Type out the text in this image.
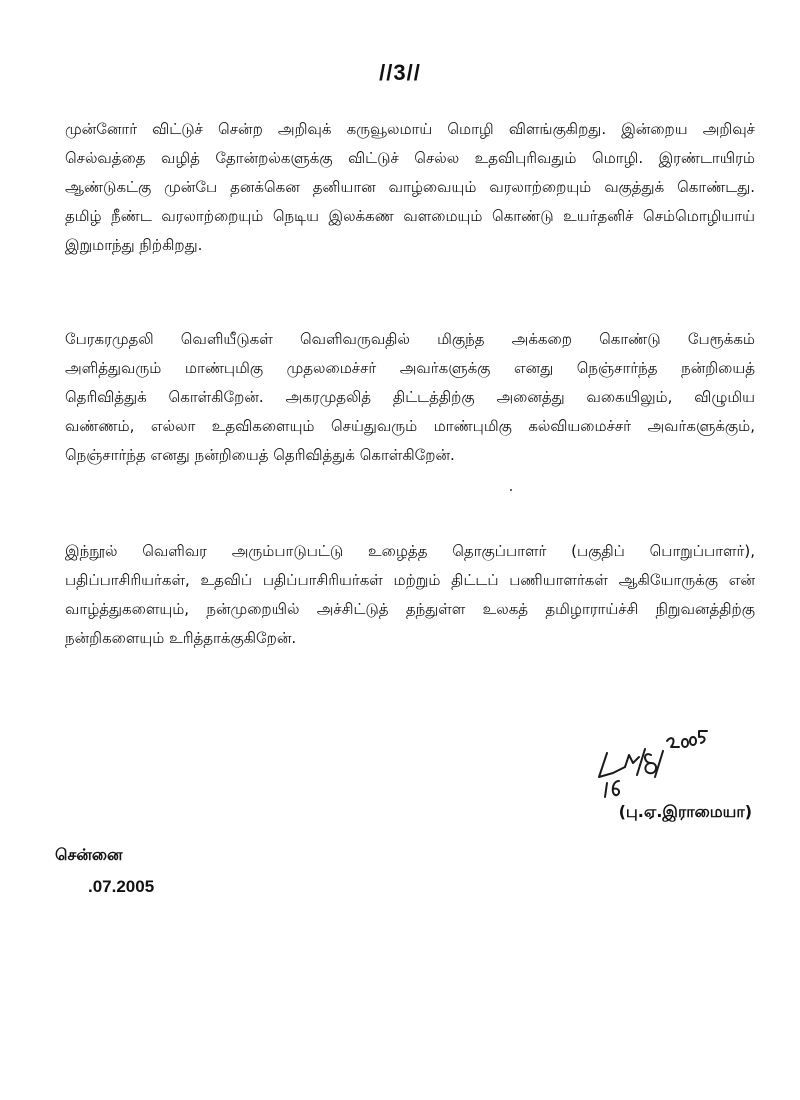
//3//
முன்னோர் விட்டுச் சென்ற அறிவுக் கருவூலமாய் மொழி விளங்குகிறது. இன்றைய அறிவுச்
செல்வத்தை வழித் தோன்றல்களுக்கு விட்டுச் செல்ல உதவிபுரிவதும் மொழி. இரண்டாயிரம்
ஆண்டுகட்கு முன்பே தனக்கென தனியான வாழ்வையும் வரலாற்றையும் வகுத்துக் கொண்டது.
தமிழ் நீண்ட வரலாற்றையும் நெடிய இலக்கண வளமையும் கொண்டு உயர்தனிச் செம்மொழியாய்
இறுமாந்து நிற்கிறது.
பேரகரமுதலி வெளியீடுகள் வெளிவருவதில் மிகுந்த அக்கறை கொண்டு பேரூக்கம்
அளித்துவரும் மாண்புமிகு முதலமைச்சர் அவர்களுக்கு எனது நெஞ்சார்ந்த நன்றியைத்
தெரிவித்துக் கொள்கிறேன். அகரமுதலித் திட்டத்திற்கு அனைத்து வகையிலும், விழுமிய
வண்ணம், எல்லா உதவிகளையும் செய்துவரும் மாண்புமிகு கல்வியமைச்சர் அவர்களுக்கும்,
நெஞ்சார்ந்த எனது நன்றியைத் தெரிவித்துக் கொள்கிறேன்.
இந்நூல் வெளிவர அரும்பாடுபட்டு உழைத்த தொகுப்பாளர் (பகுதிப் பொறுப்பாளர்),
பதிப்பாசிரியர்கள், உதவிப் பதிப்பாசிரியர்கள் மற்றும் திட்டப் பணியாளர்கள் ஆகியோருக்கு என்
வாழ்த்துகளையும், நன்முறையில் அச்சிட்டுத் தந்துள்ள உலகத் தமிழாராய்ச்சி நிறுவனத்திற்கு
நன்றிகளையும் உரித்தாக்குகிறேன்.
(பு.ஏ.இராமையா)
சென்னை
.07.2005
